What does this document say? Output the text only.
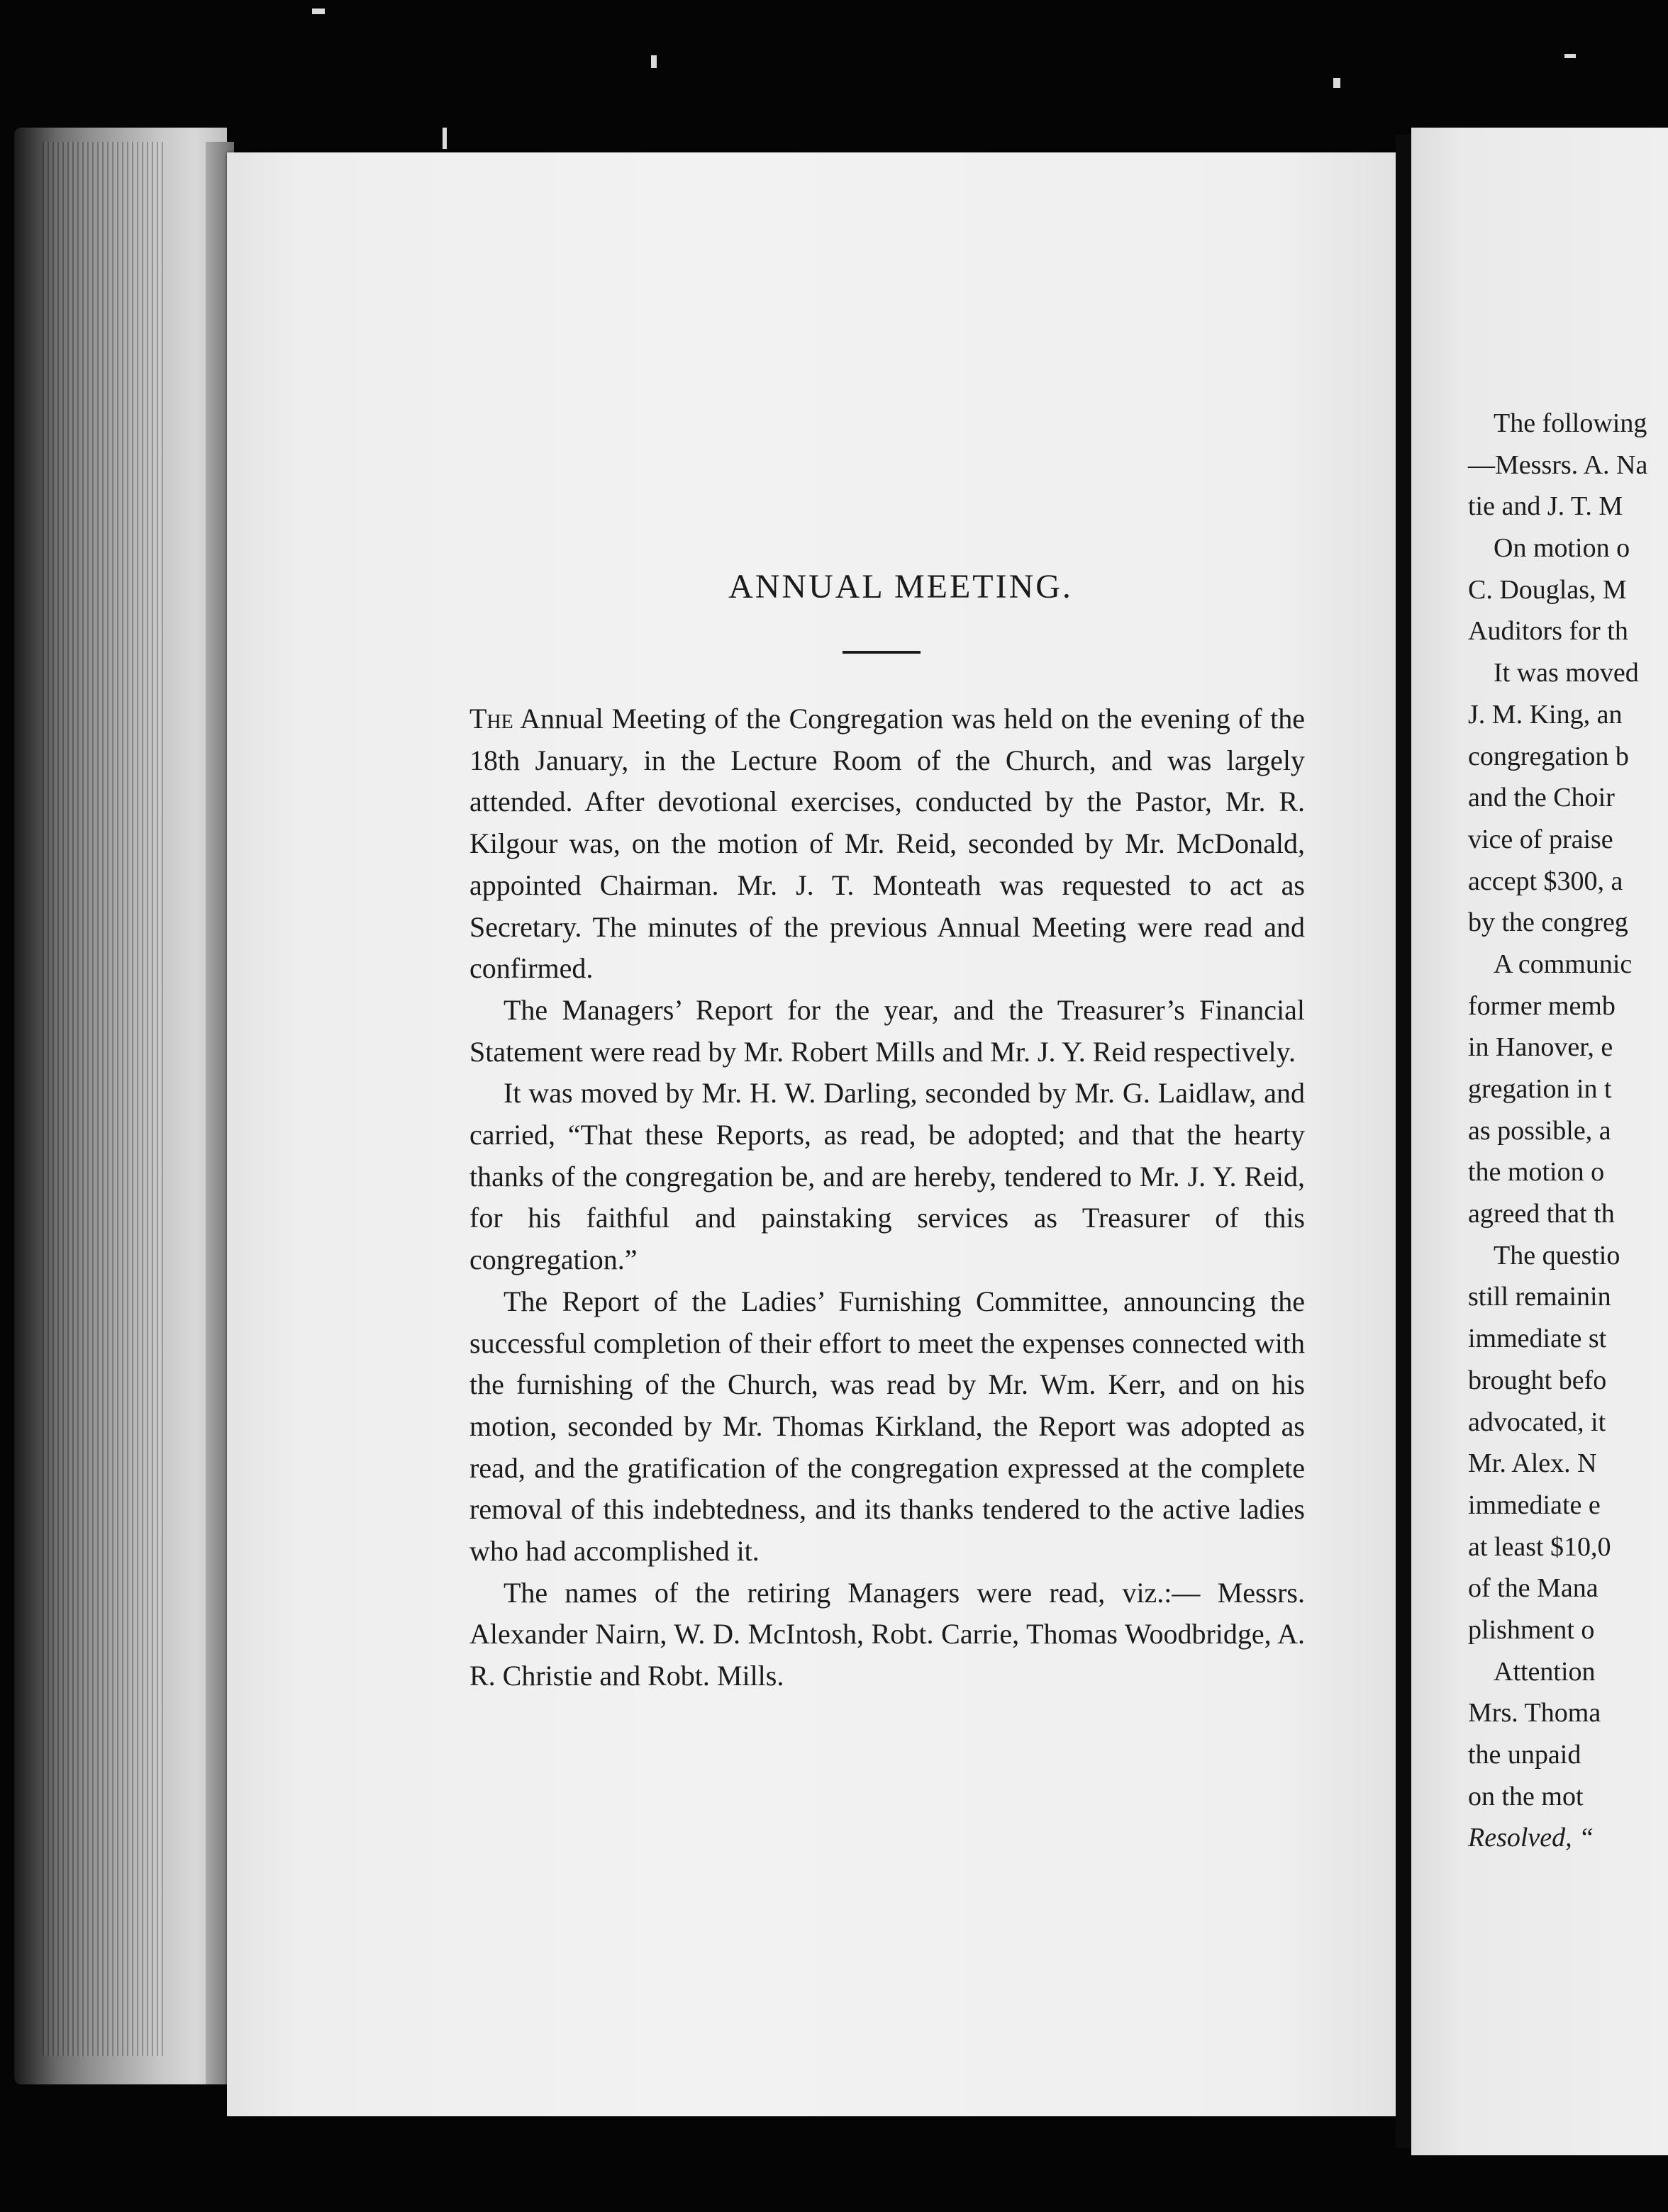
ANNUAL MEETING.

The Annual Meeting of the Congregation was held on the evening of the 18th January, in the Lecture Room of the Church, and was largely attended. After devotional exercises, conducted by the Pastor, Mr. R. Kilgour was, on the motion of Mr. Reid, seconded by Mr. McDonald, appointed Chairman. Mr. J. T. Monteath was requested to act as Secretary. The minutes of the previous Annual Meeting were read and confirmed.

The Managers’ Report for the year, and the Treasurer’s Financial Statement were read by Mr. Robert Mills and Mr. J. Y. Reid respectively.

It was moved by Mr. H. W. Darling, seconded by Mr. G. Laidlaw, and carried, “That these Reports, as read, be adopted; and that the hearty thanks of the congregation be, and are hereby, tendered to Mr. J. Y. Reid, for his faithful and painstaking services as Treasurer of this congregation.”

The Report of the Ladies’ Furnishing Committee, announcing the successful completion of their effort to meet the expenses connected with the furnishing of the Church, was read by Mr. Wm. Kerr, and on his motion, seconded by Mr. Thomas Kirkland, the Report was adopted as read, and the gratification of the congregation expressed at the complete removal of this indebtedness, and its thanks tendered to the active ladies who had accomplished it.

The names of the retiring Managers were read, viz.:— Messrs. Alexander Nairn, W. D. McIntosh, Robt. Carrie, Thomas Woodbridge, A. R. Christie and Robt. Mills.

The following
—Messrs. A. Na
tie and J. T. M
On motion o
C. Douglas, M
Auditors for th
It was moved
J. M. King, an
congregation b
and the Choir
vice of praise
accept $300, a
by the congreg
A communic
former memb
in Hanover, e
gregation in t
as possible, a
the motion o
agreed that th
The questio
still remainin
immediate st
brought befo
advocated, it
Mr. Alex. N
immediate e
at least $10,0
of the Mana
plishment o
Attention
Mrs. Thoma
the unpaid
on the mot
Resolved, “
